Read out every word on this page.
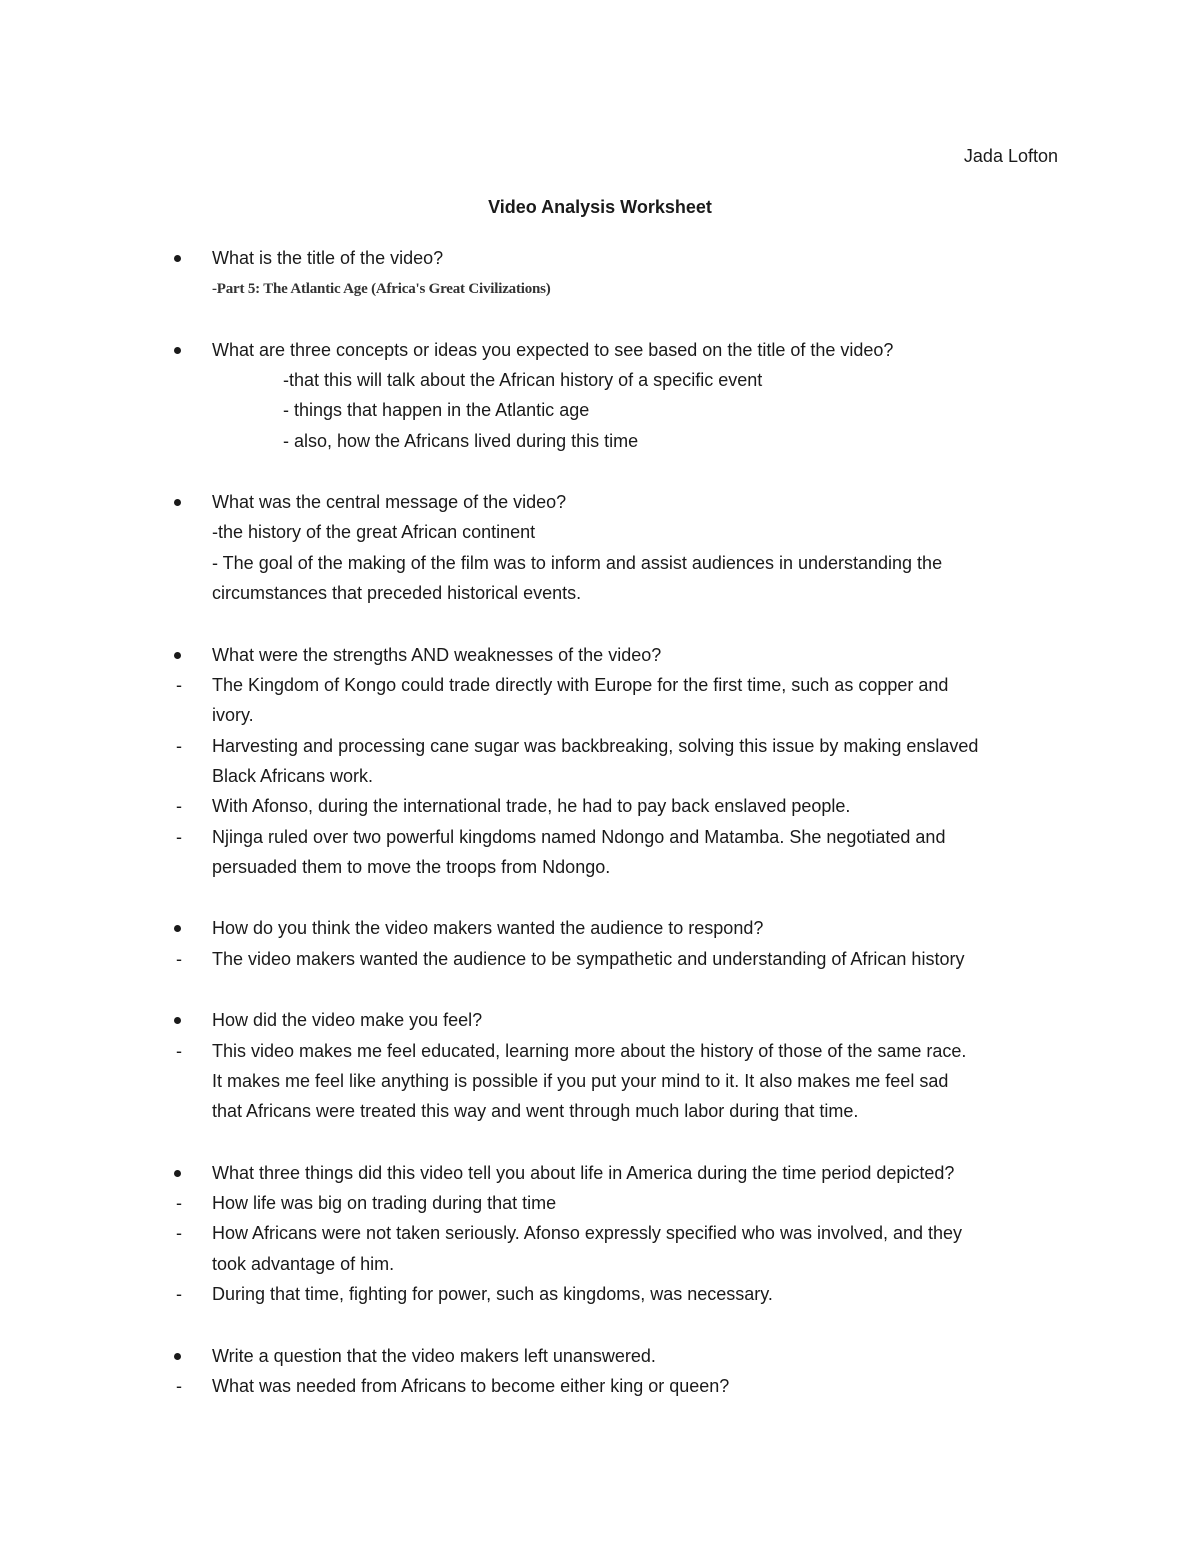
Jada Lofton
Video Analysis Worksheet
What is the title of the video?
-Part 5: The Atlantic Age (Africa's Great Civilizations)
What are three concepts or ideas you expected to see based on the title of the video?
-that this will talk about the African history of a specific event
- things that happen in the Atlantic age
- also, how the Africans lived during this time
What was the central message of the video?
-the history of the great African continent
- The goal of the making of the film was to inform and assist audiences in understanding the
circumstances that preceded historical events.
What were the strengths AND weaknesses of the video?
- The Kingdom of Kongo could trade directly with Europe for the first time, such as copper and
ivory.
- Harvesting and processing cane sugar was backbreaking, solving this issue by making enslaved
Black Africans work.
- With Afonso, during the international trade, he had to pay back enslaved people.
- Njinga ruled over two powerful kingdoms named Ndongo and Matamba. She negotiated and
persuaded them to move the troops from Ndongo.
How do you think the video makers wanted the audience to respond?
- The video makers wanted the audience to be sympathetic and understanding of African history
How did the video make you feel?
- This video makes me feel educated, learning more about the history of those of the same race.
It makes me feel like anything is possible if you put your mind to it. It also makes me feel sad
that Africans were treated this way and went through much labor during that time.
What three things did this video tell you about life in America during the time period depicted?
- How life was big on trading during that time
- How Africans were not taken seriously. Afonso expressly specified who was involved, and they
took advantage of him.
- During that time, fighting for power, such as kingdoms, was necessary.
Write a question that the video makers left unanswered.
- What was needed from Africans to become either king or queen?
